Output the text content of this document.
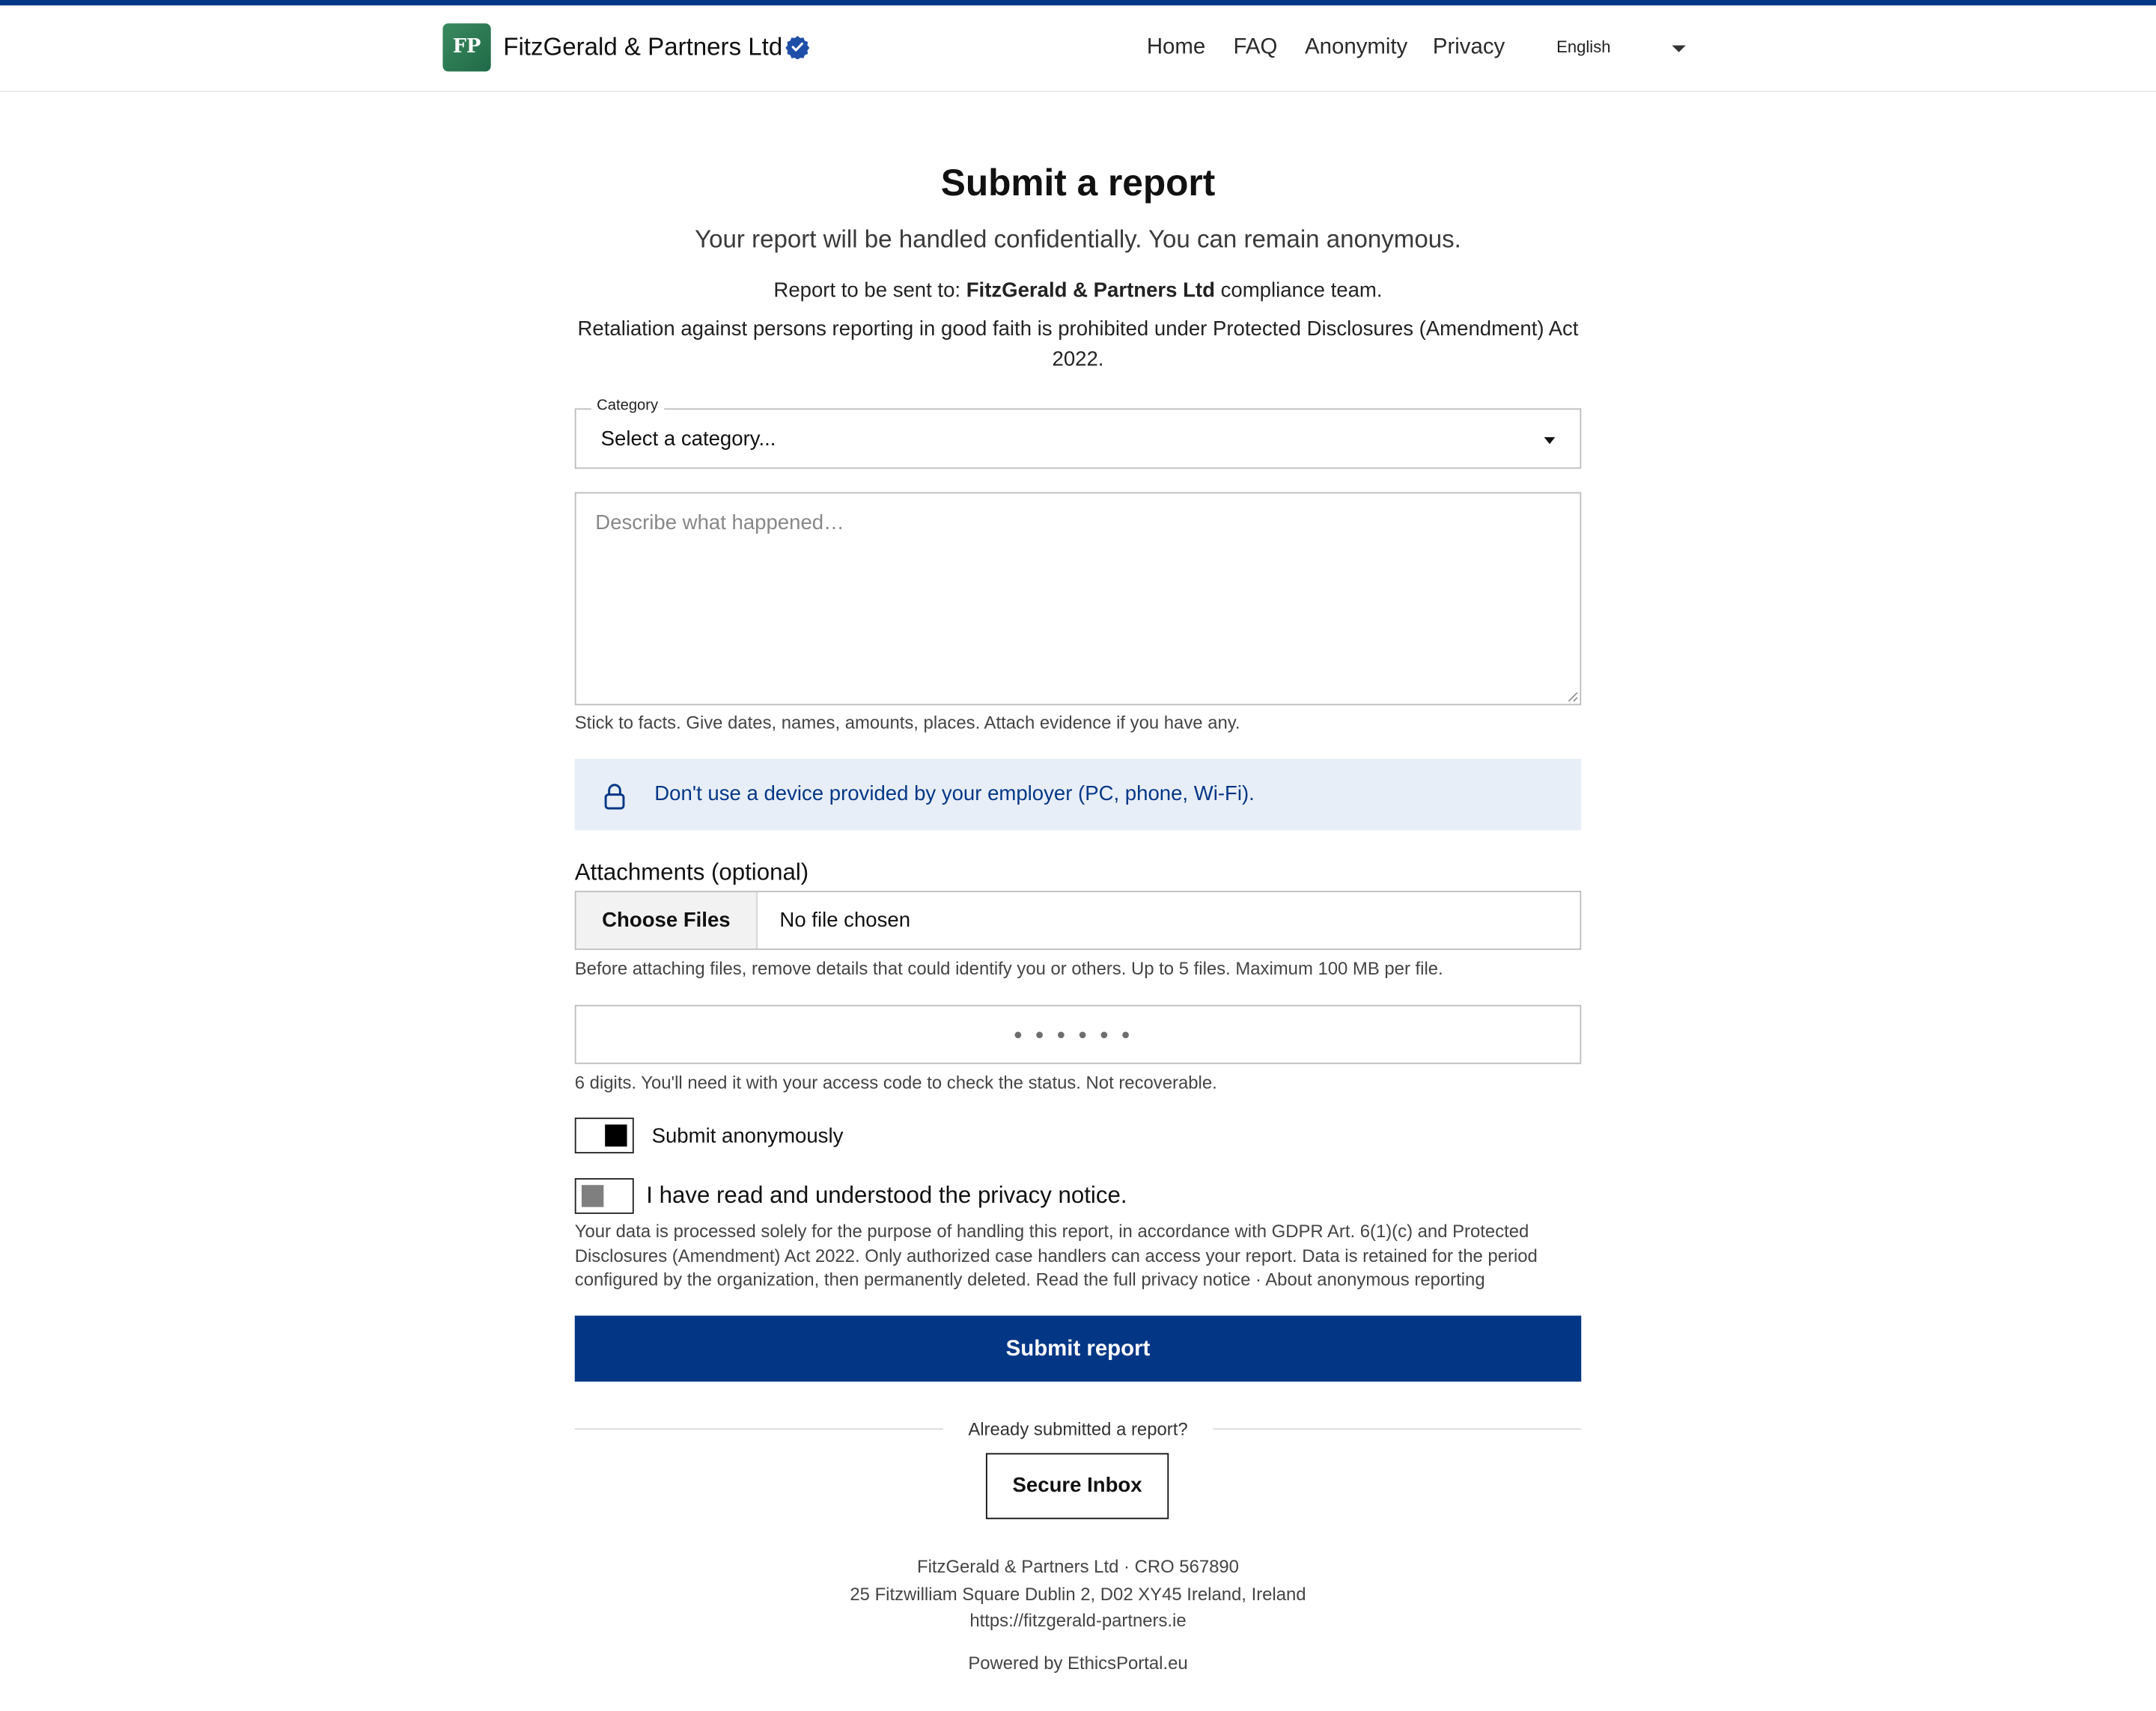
FP	FitzGerald & Partners Ltd	Home FAQ Anonymity Privacy	English
Submit a report
Your report will be handled confidentially. You can remain anonymous.
Report to be sent to: FitzGerald & Partners Ltd compliance team.
Retaliation against persons reporting in good faith is prohibited under Protected Disclosures (Amendment) Act 2022.
Select a category...
Category
Describe what happened…
Stick to facts. Give dates, names, amounts, places. Attach evidence if you have any.
Don't use a device provided by your employer (PC, phone, Wi-Fi).
Attachments (optional)
Choose Files	No file chosen
Before attaching files, remove details that could identify you or others. Up to 5 files. Maximum 100 MB per file.
●●●●●●
6 digits. You'll need it with your access code to check the status. Not recoverable.
Submit anonymously
I have read and understood the privacy notice.
Your data is processed solely for the purpose of handling this report, in accordance with GDPR Art. 6(1)(c) and Protected Disclosures (Amendment) Act 2022. Only authorized case handlers can access your report. Data is retained for the period configured by the organization, then permanently deleted. Read the full privacy notice · About anonymous reporting
Submit report
Already submitted a report?
Secure Inbox
FitzGerald & Partners Ltd · CRO 567890
25 Fitzwilliam Square Dublin 2, D02 XY45 Ireland, Ireland
https://fitzgerald-partners.ie
Powered by EthicsPortal.eu
